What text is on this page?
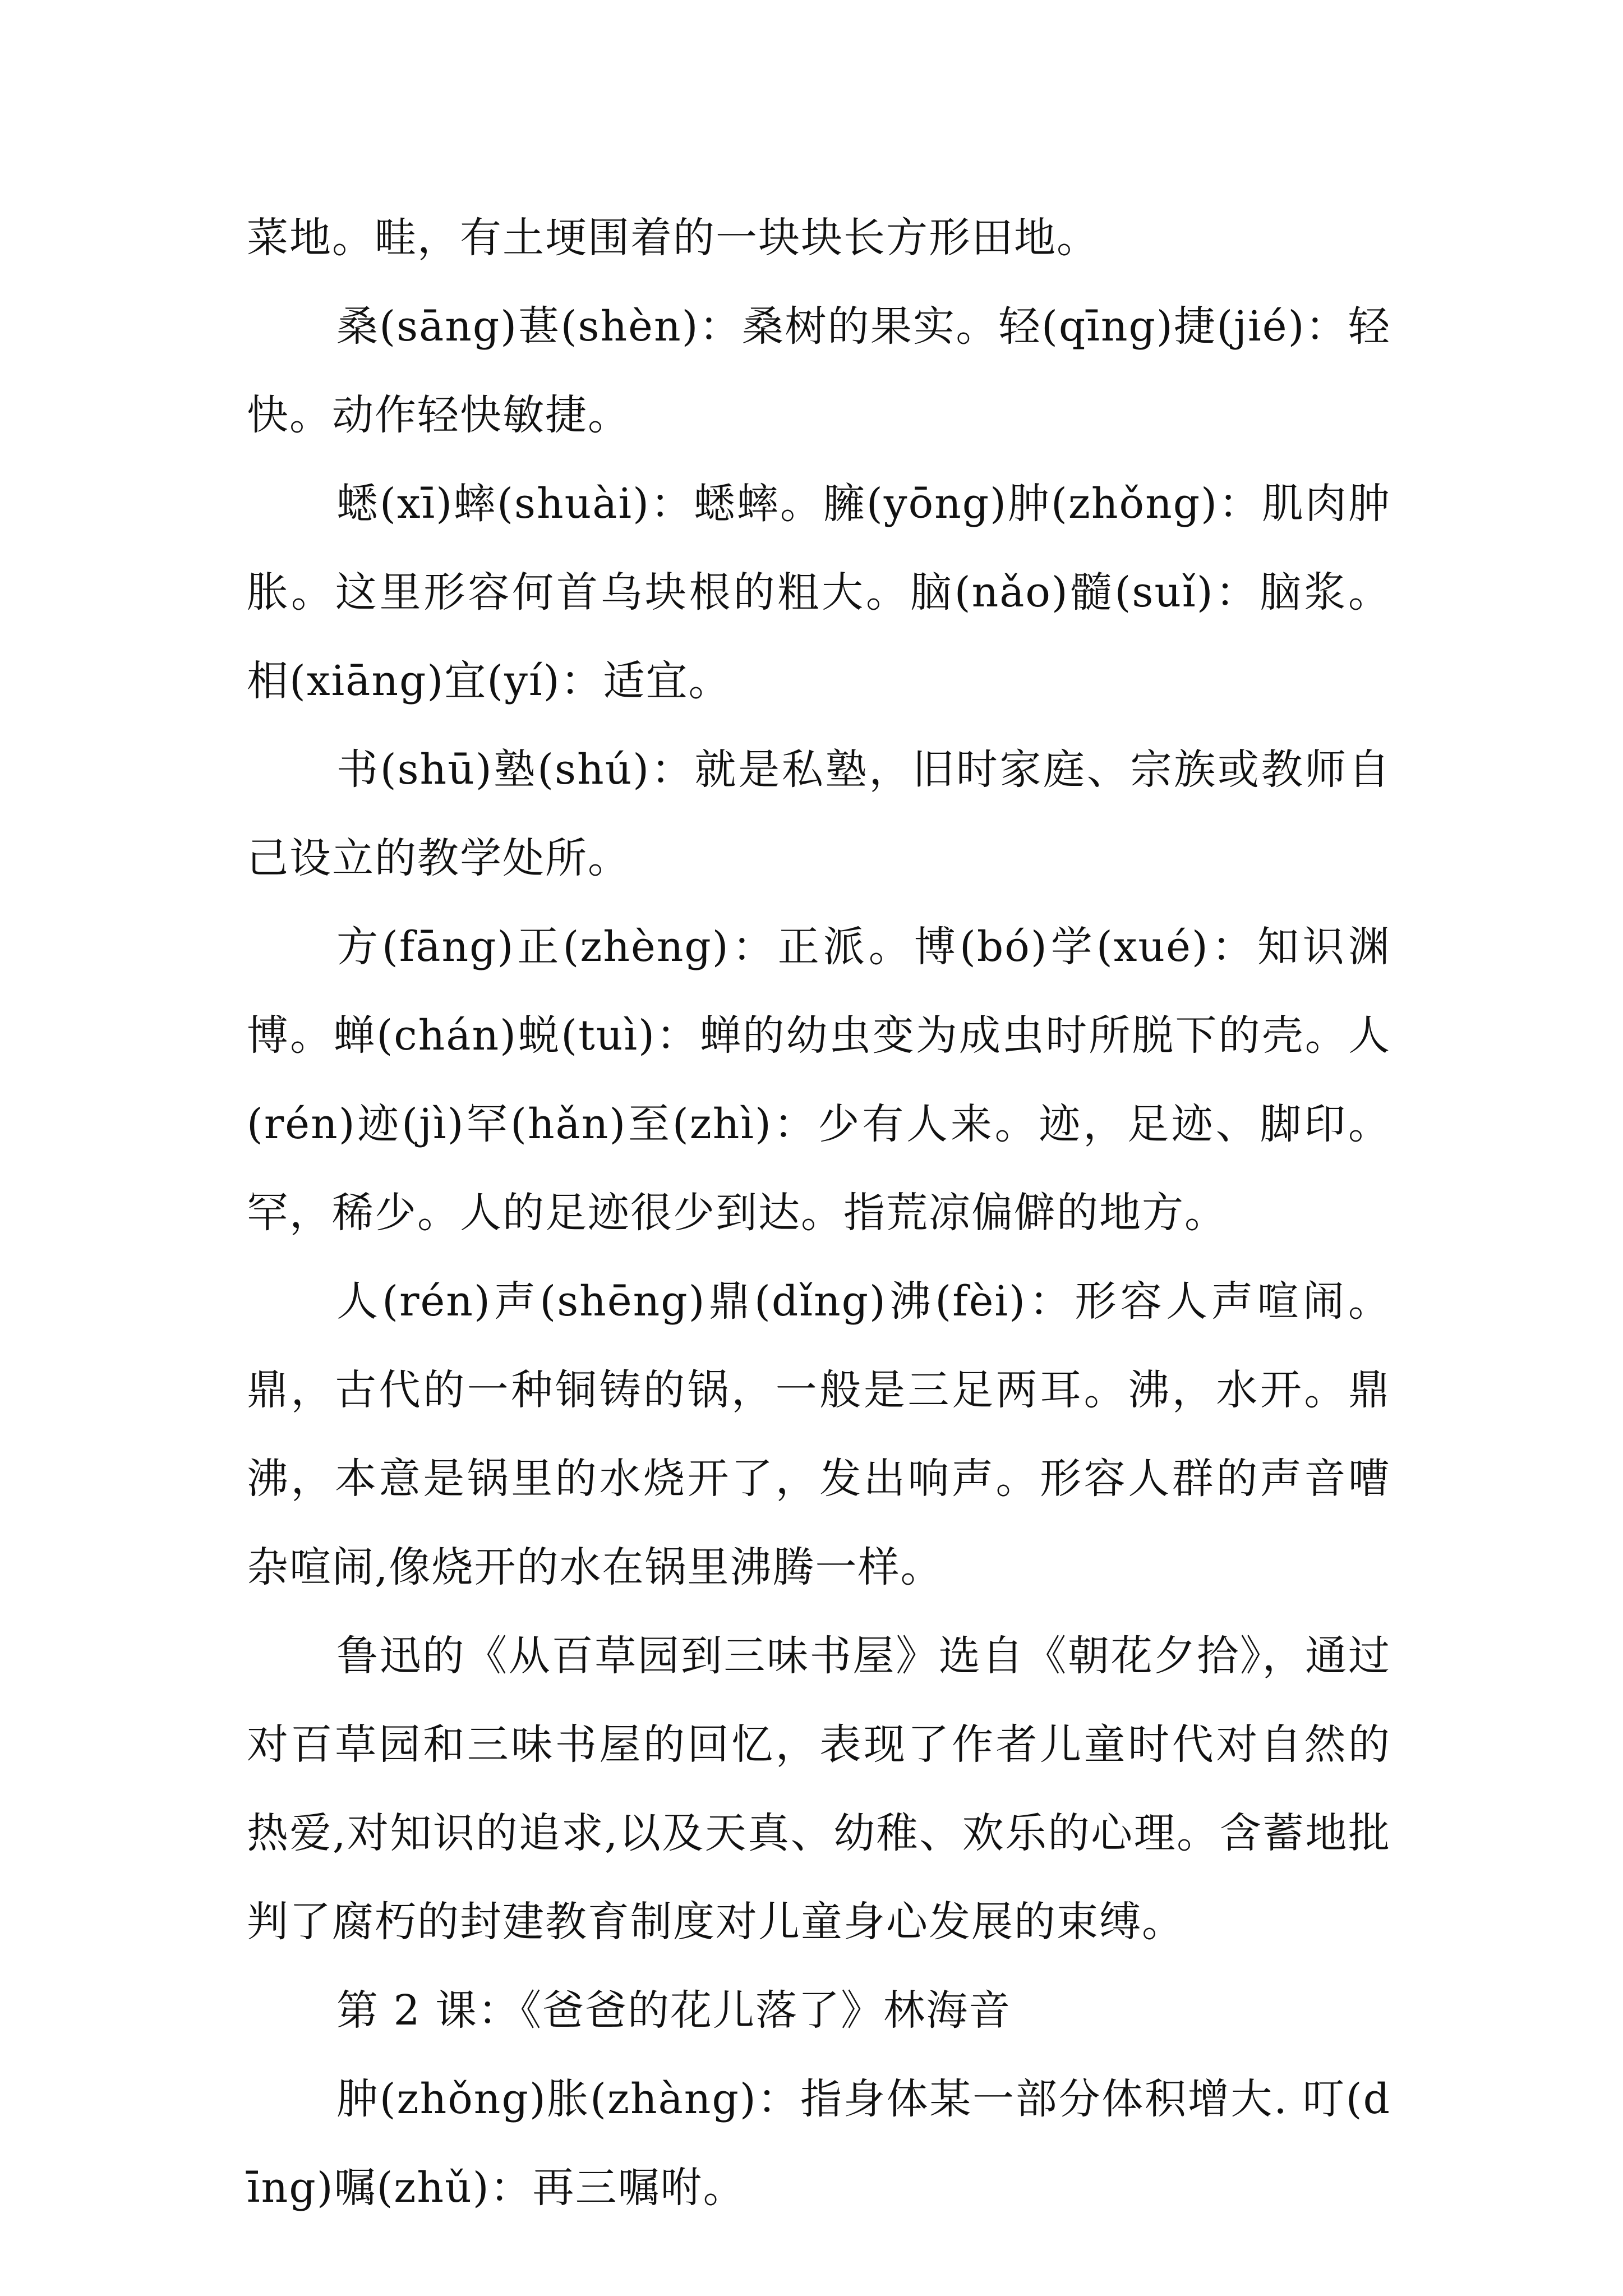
菜地。畦，有土埂围着的一块块长方形田地。

桑(sāng)葚(shèn)：桑树的果实。轻(qīng)捷(jié)：轻快。动作轻快敏捷。

蟋(xī)蟀(shuài)：蟋蟀。臃(yōng)肿(zhǒng)：肌肉肿胀。这里形容何首乌块根的粗大。脑(nǎo)髓(suǐ)：脑浆。相(xiāng)宜(yí)：适宜。

书(shū)塾(shú)：就是私塾，旧时家庭、宗族或教师自己设立的教学处所。

方(fāng)正(zhèng)：正派。博(bó)学(xué)：知识渊博。蝉(chán)蜕(tuì)：蝉的幼虫变为成虫时所脱下的壳。人(rén)迹(jì)罕(hǎn)至(zhì)：少有人来。迹，足迹、脚印。罕，稀少。人的足迹很少到达。指荒凉偏僻的地方。

人(rén)声(shēng)鼎(dǐng)沸(fèi)：形容人声喧闹。鼎，古代的一种铜铸的锅，一般是三足两耳。沸，水开。鼎沸，本意是锅里的水烧开了，发出响声。形容人群的声音嘈杂喧闹,像烧开的水在锅里沸腾一样。

鲁迅的《从百草园到三味书屋》选自《朝花夕拾》，通过对百草园和三味书屋的回忆，表现了作者儿童时代对自然的热爱,对知识的追求,以及天真、幼稚、欢乐的心理。含蓄地批判了腐朽的封建教育制度对儿童身心发展的束缚。

第 2 课：《爸爸的花儿落了》林海音

肿(zhǒng)胀(zhàng)：指身体某一部分体积增大. 叮(dīng)嘱(zhǔ)：再三嘱咐。
